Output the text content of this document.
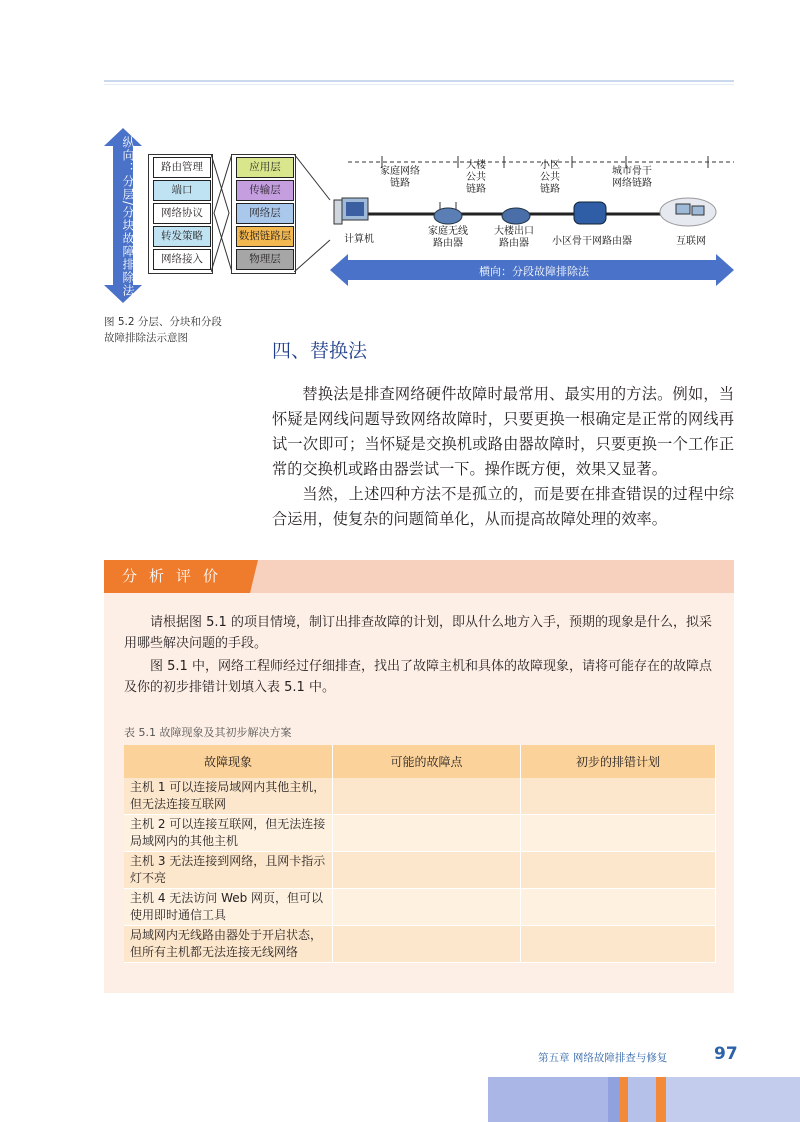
纵向：分层/分块故障排除法	路由管理
端口
网络协议
转发策略
网络接入
应用层
传输层
网络层
数据链路层
物理层
横向：分段故障排除法
家庭网络
链路
大楼
公共
链路
小区
公共
链路
城市骨干
网络链路
计算机
家庭无线
路由器
大楼出口
路由器	小区骨干网路由器	互联网
图 5.2 分层、分块和分段
故障排除法示意图
四、替换法
替换法是排查网络硬件故障时最常用、最实用的方法。例如，当怀疑是网线问题导致网络故障时，只要更换一根确定是正常的网线再试一次即可；当怀疑是交换机或路由器故障时，只要更换一个工作正常的交换机或路由器尝试一下。操作既方便，效果又显著。
当然，上述四种方法不是孤立的，而是要在排查错误的过程中综合运用，使复杂的问题简单化，从而提高故障处理的效率。
分析评价
请根据图 5.1 的项目情境，制订出排查故障的计划，即从什么地方入手，预期的现象是什么，拟采用哪些解决问题的手段。
图 5.1 中，网络工程师经过仔细排查，找出了故障主机和具体的故障现象，请将可能存在的故障点及你的初步排错计划填入表 5.1 中。
表 5.1 故障现象及其初步解决方案
故障现象	可能的故障点	初步的排错计划
主机 1 可以连接局域网内其他主机，但无法连接互联网		
主机 2 可以连接互联网，但无法连接局域网内的其他主机		
主机 3 无法连接到网络，且网卡指示灯不亮		
主机 4 无法访问 Web 网页，但可以使用即时通信工具		
局域网内无线路由器处于开启状态，但所有主机都无法连接无线网络		
第五章 网络故障排查与修复	97
